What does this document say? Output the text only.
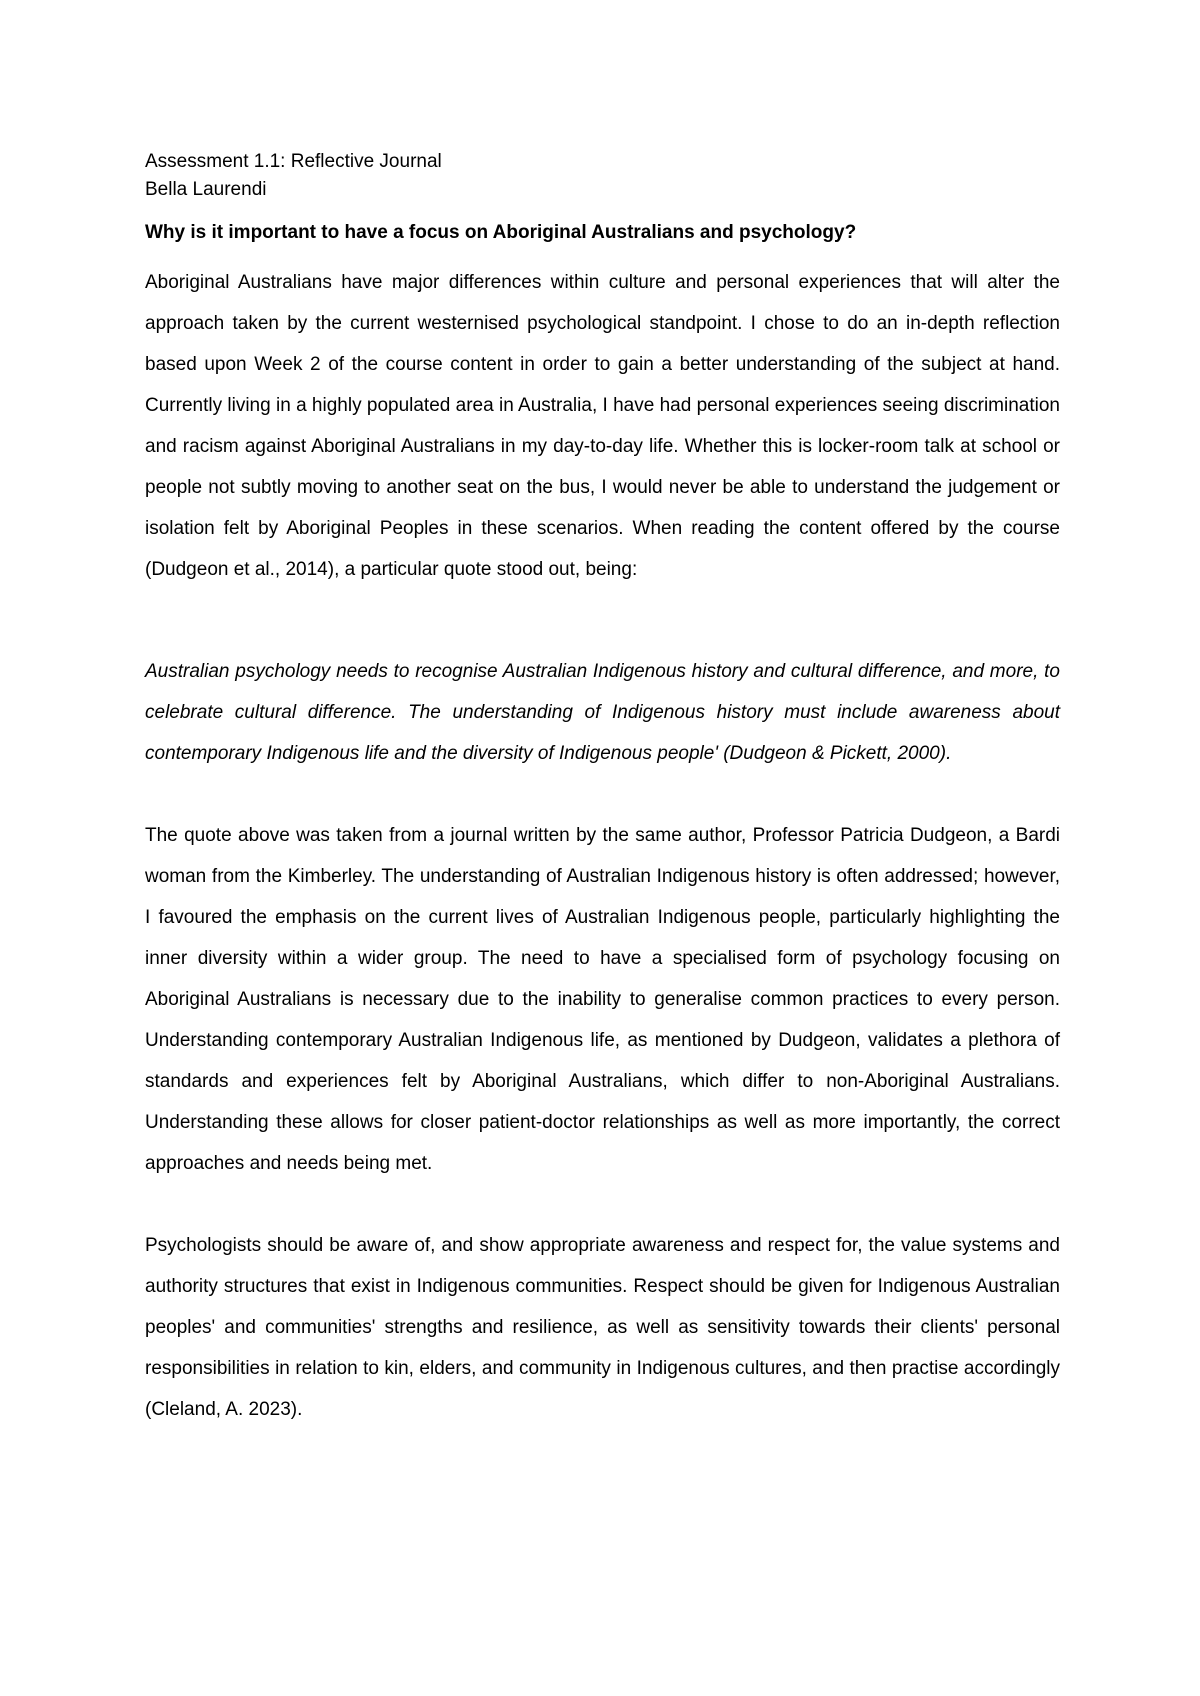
Assessment 1.1: Reflective Journal

Bella Laurendi

Why is it important to have a focus on Aboriginal Australians and psychology?

Aboriginal Australians have major differences within culture and personal experiences that will alter the approach taken by the current westernised psychological standpoint. I chose to do an in-depth reflection based upon Week 2 of the course content in order to gain a better understanding of the subject at hand. Currently living in a highly populated area in Australia, I have had personal experiences seeing discrimination and racism against Aboriginal Australians in my day-to-day life. Whether this is locker-room talk at school or people not subtly moving to another seat on the bus, I would never be able to understand the judgement or isolation felt by Aboriginal Peoples in these scenarios. When reading the content offered by the course (Dudgeon et al., 2014), a particular quote stood out, being:

Australian psychology needs to recognise Australian Indigenous history and cultural difference, and more, to celebrate cultural difference. The understanding of Indigenous history must include awareness about contemporary Indigenous life and the diversity of Indigenous people' (Dudgeon & Pickett, 2000).

The quote above was taken from a journal written by the same author, Professor Patricia Dudgeon, a Bardi woman from the Kimberley. The understanding of Australian Indigenous history is often addressed; however, I favoured the emphasis on the current lives of Australian Indigenous people, particularly highlighting the inner diversity within a wider group. The need to have a specialised form of psychology focusing on Aboriginal Australians is necessary due to the inability to generalise common practices to every person. Understanding contemporary Australian Indigenous life, as mentioned by Dudgeon, validates a plethora of standards and experiences felt by Aboriginal Australians, which differ to non-Aboriginal Australians. Understanding these allows for closer patient-doctor relationships as well as more importantly, the correct approaches and needs being met.

Psychologists should be aware of, and show appropriate awareness and respect for, the value systems and authority structures that exist in Indigenous communities. Respect should be given for Indigenous Australian peoples' and communities' strengths and resilience, as well as sensitivity towards their clients' personal responsibilities in relation to kin, elders, and community in Indigenous cultures, and then practise accordingly (Cleland, A. 2023).
